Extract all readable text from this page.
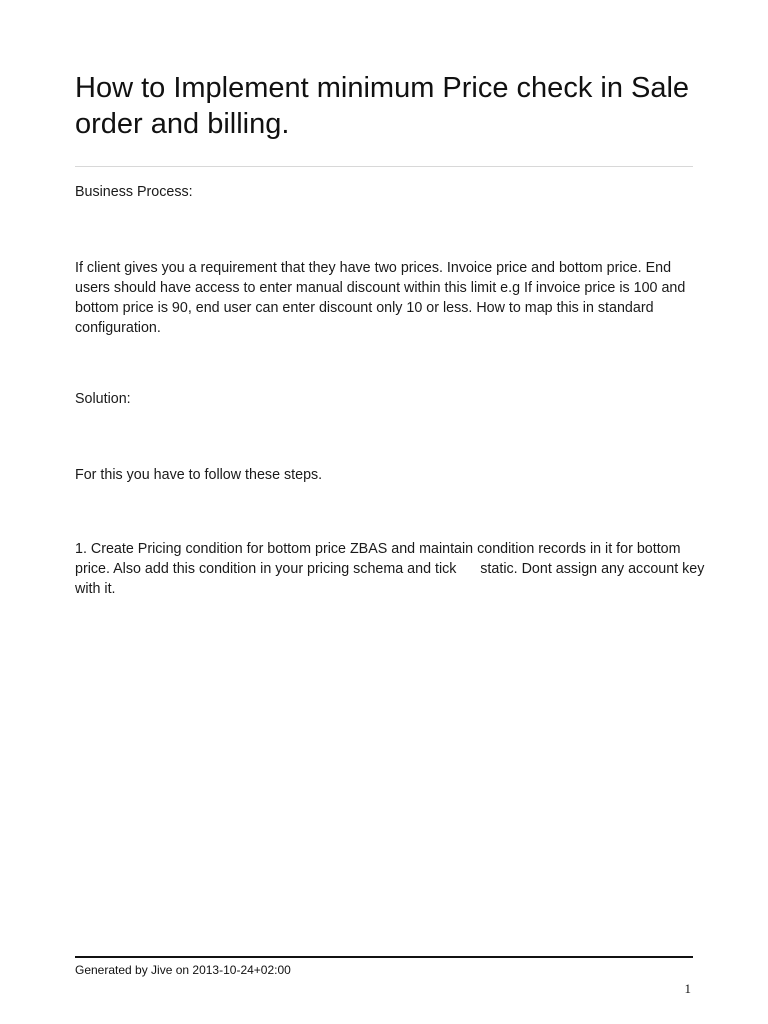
How to Implement minimum Price check in Sale order and billing.

Business Process:

If client gives you a requirement that they have two prices. Invoice price and bottom price. End users should have access to enter manual discount within this limit e.g If invoice price is 100 and bottom price is 90, end user can enter discount only 10 or less. How to map this in standard configuration.

Solution:

For this you have to follow these steps.

1. Create Pricing condition for bottom price ZBAS and maintain condition records in it for bottom price. Also add this condition in your pricing schema and tick      static. Dont assign any account key with it.

Generated by Jive on 2013-10-24+02:00

1
